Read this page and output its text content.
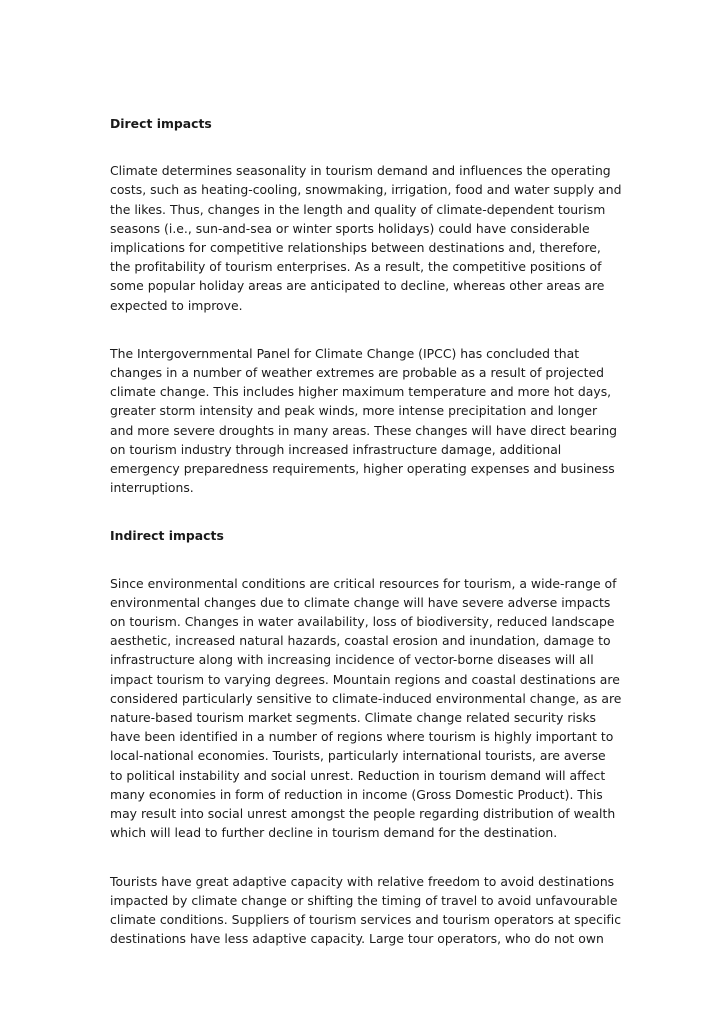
Direct impacts

Climate determines seasonality in tourism demand and influences the operating costs, such as heating-cooling, snowmaking, irrigation, food and water supply and the likes. Thus, changes in the length and quality of climate-dependent tourism seasons (i.e., sun-and-sea or winter sports holidays) could have considerable implications for competitive relationships between destinations and, therefore, the profitability of tourism enterprises. As a result, the competitive positions of some popular holiday areas are anticipated to decline, whereas other areas are expected to improve.

The Intergovernmental Panel for Climate Change (IPCC) has concluded that changes in a number of weather extremes are probable as a result of projected climate change. This includes higher maximum temperature and more hot days, greater storm intensity and peak winds, more intense precipitation and longer and more severe droughts in many areas. These changes will have direct bearing on tourism industry through increased infrastructure damage, additional emergency preparedness requirements, higher operating expenses and business interruptions.

Indirect impacts

Since environmental conditions are critical resources for tourism, a wide-range of environmental changes due to climate change will have severe adverse impacts on tourism. Changes in water availability, loss of biodiversity, reduced landscape aesthetic, increased natural hazards, coastal erosion and inundation, damage to infrastructure along with increasing incidence of vector-borne diseases will all impact tourism to varying degrees. Mountain regions and coastal destinations are considered particularly sensitive to climate-induced environmental change, as are nature-based tourism market segments. Climate change related security risks have been identified in a number of regions where tourism is highly important to local-national economies. Tourists, particularly international tourists, are averse to political instability and social unrest. Reduction in tourism demand will affect many economies in form of reduction in income (Gross Domestic Product). This may result into social unrest amongst the people regarding distribution of wealth which will lead to further decline in tourism demand for the destination.

Tourists have great adaptive capacity with relative freedom to avoid destinations impacted by climate change or shifting the timing of travel to avoid unfavourable climate conditions. Suppliers of tourism services and tourism operators at specific destinations have less adaptive capacity. Large tour operators, who do not own
